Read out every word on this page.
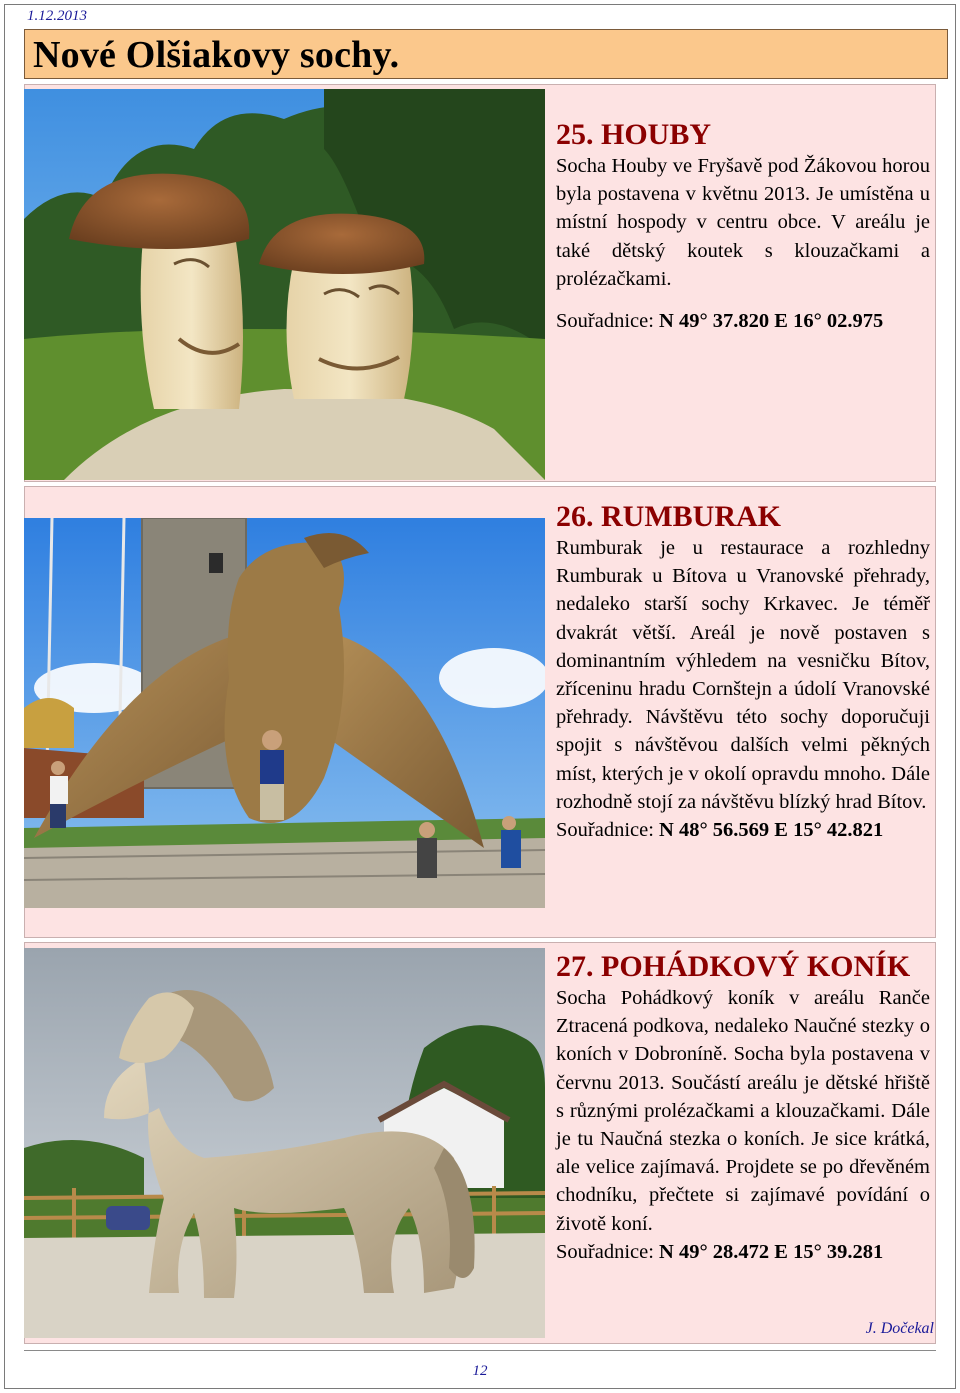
1.12.2013
Nové Olšiakovy sochy.
25. HOUBY

Socha Houby ve Fryšavě pod Žákovou horou byla postavena v květnu 2013. Je umístěna u místní hospody v centru obce. V areálu je také dětský koutek s klouzačkami a prolézačkami.

Souřadnice: N 49° 37.820 E 16° 02.975

26. RUMBURAK

Rumburak je u restaurace a rozhledny Rumburak u Bítova u Vranovské přehrady, nedaleko starší sochy Krkavec. Je téměř dvakrát větší. Areál je nově postaven s dominantním výhledem na vesničku Bítov, zříceninu hradu Cornštejn a údolí Vranovské přehrady. Návštěvu této sochy doporučuji spojit s návštěvou dalších velmi pěkných míst, kterých je v okolí opravdu mnoho. Dále rozhodně stojí za návštěvu blízký hrad Bítov.

Souřadnice: N 48° 56.569 E 15° 42.821

27. POHÁDKOVÝ KONÍK

Socha Pohádkový koník v areálu Ranče Ztracená podkova, nedaleko Naučné stezky o koních v Dobroníně. Socha byla postavena v červnu 2013. Součástí areálu je dětské hřiště s různými prolézačkami a klouzačkami. Dále je tu Naučná stezka o koních. Je sice krátká, ale velice zajímavá. Projdete se po dřevěném chodníku, přečtete si zajímavé povídání o životě koní.

Souřadnice: N 49° 28.472 E 15° 39.281

J. Dočekal
12
